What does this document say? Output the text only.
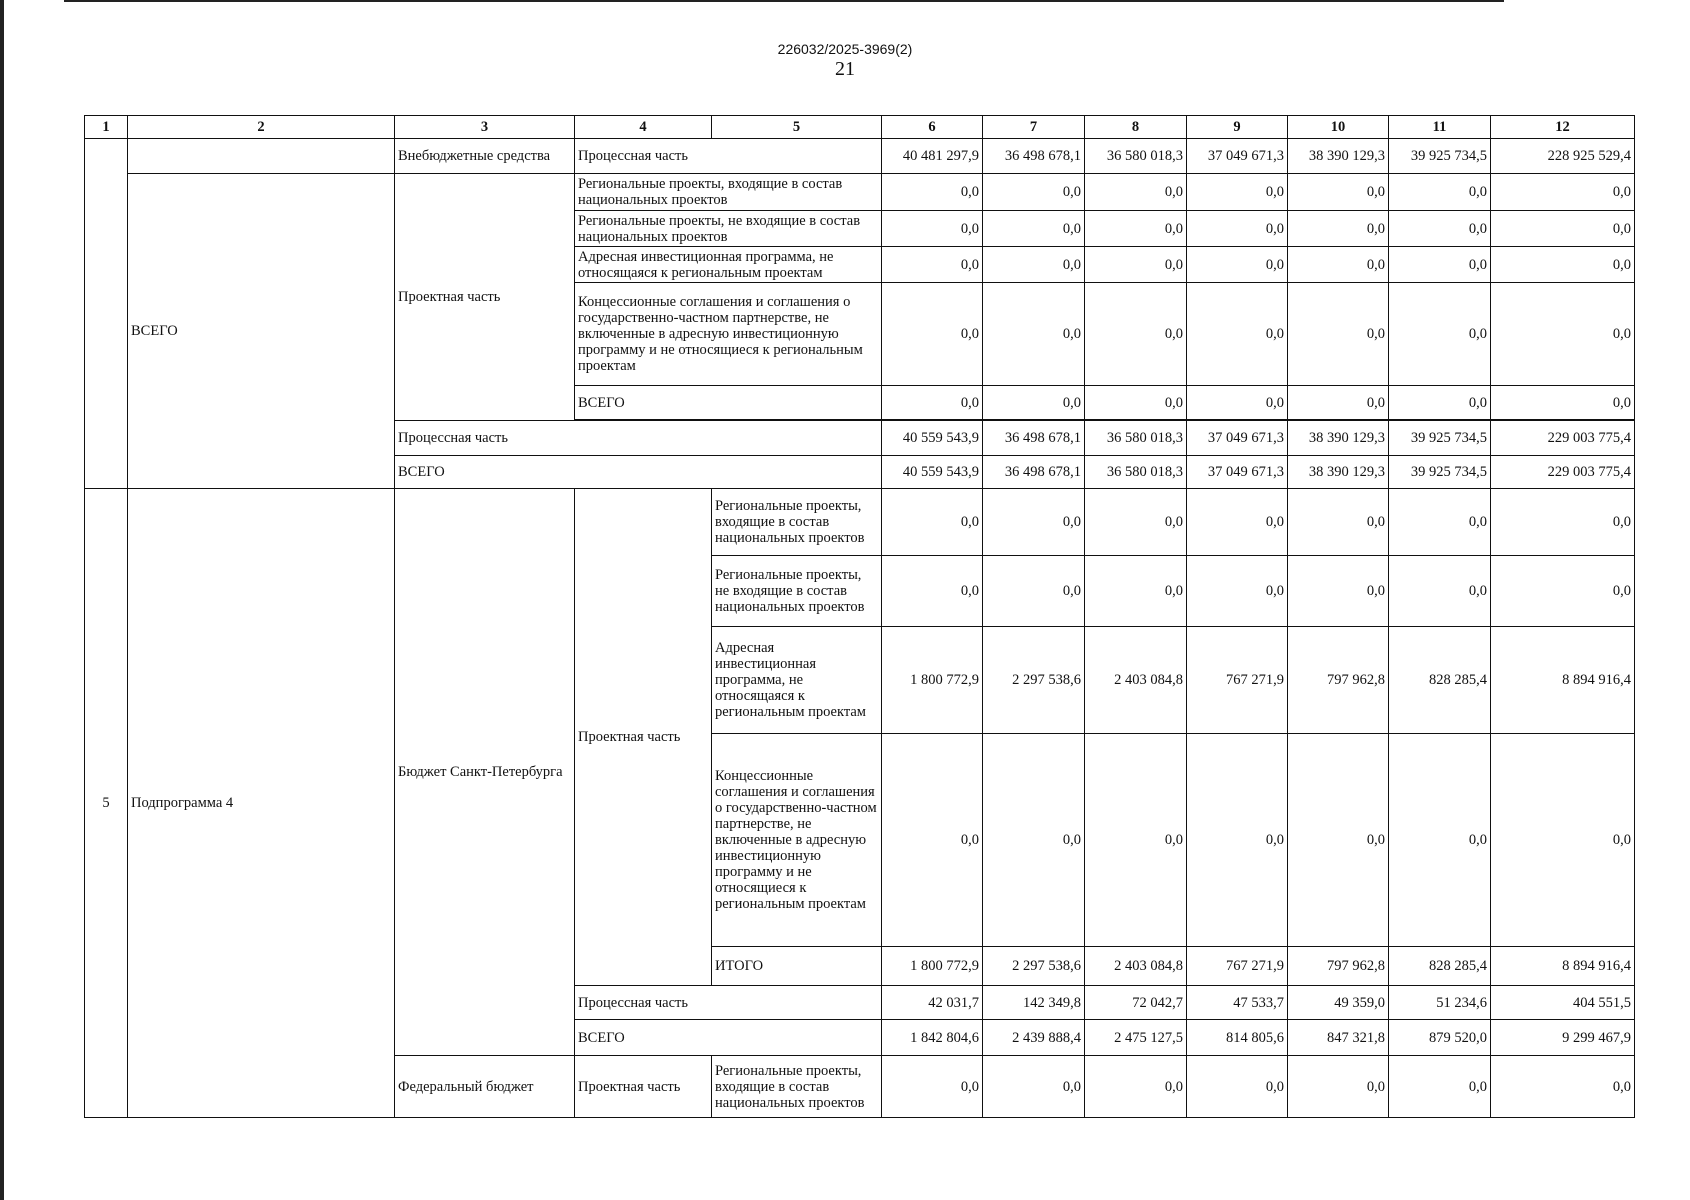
226032/2025-3969(2)
21
1	2	3	4	5	6	7	8	9	10	11	12
		Внебюджетные средства	Процессная часть		40 481 297,9	36 498 678,1	36 580 018,3	37 049 671,3	38 390 129,3	39 925 734,5	228 925 529,4
	ВСЕГО	Проектная часть	Региональные проекты, входящие в состав национальных проектов		0,0	0,0	0,0	0,0	0,0	0,0	0,0
			Региональные проекты, не входящие в состав национальных проектов		0,0	0,0	0,0	0,0	0,0	0,0	0,0
			Адресная инвестиционная программа, не относящаяся к региональным проектам		0,0	0,0	0,0	0,0	0,0	0,0	0,0
			Концессионные соглашения и соглашения о государственно-частном партнерстве, не включенные в адресную инвестиционную программу и не относящиеся к региональным проектам		0,0	0,0	0,0	0,0	0,0	0,0	0,0
			ВСЕГО		0,0	0,0	0,0	0,0	0,0	0,0	0,0

		Процессная часть			40 559 543,9	36 498 678,1	36 580 018,3	37 049 671,3	38 390 129,3	39 925 734,5	229 003 775,4
		ВСЕГО			40 559 543,9	36 498 678,1	36 580 018,3	37 049 671,3	38 390 129,3	39 925 734,5	229 003 775,4
5	Подпрограмма 4	Бюджет Санкт-Петербурга	Проектная часть	Региональные проекты, входящие в состав национальных проектов	0,0	0,0	0,0	0,0	0,0	0,0	0,0
				Региональные проекты, не входящие в состав национальных проектов	0,0	0,0	0,0	0,0	0,0	0,0	0,0
				Адресная инвестиционная программа, не относящаяся к региональным проектам	1 800 772,9	2 297 538,6	2 403 084,8	767 271,9	797 962,8	828 285,4	8 894 916,4
				Концессионные соглашения и соглашения о государственно-частном партнерстве, не включенные в адресную инвестиционную программу и не относящиеся к региональным проектам	0,0	0,0	0,0	0,0	0,0	0,0	0,0
				ИТОГО	1 800 772,9	2 297 538,6	2 403 084,8	767 271,9	797 962,8	828 285,4	8 894 916,4
			Процессная часть		42 031,7	142 349,8	72 042,7	47 533,7	49 359,0	51 234,6	404 551,5
			ВСЕГО		1 842 804,6	2 439 888,4	2 475 127,5	814 805,6	847 321,8	879 520,0	9 299 467,9
		Федеральный бюджет	Проектная часть	Региональные проекты, входящие в состав национальных проектов	0,0	0,0	0,0	0,0	0,0	0,0	0,0
